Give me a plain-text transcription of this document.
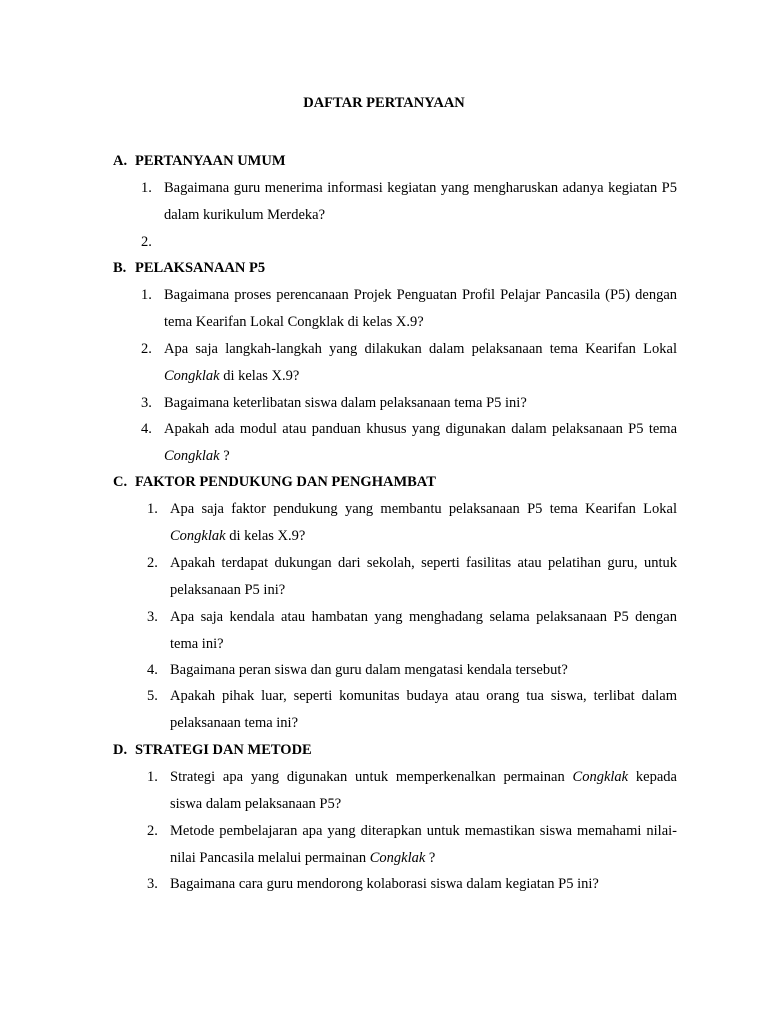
DAFTAR PERTANYAAN
A. PERTANYAAN UMUM
1. Bagaimana guru menerima informasi kegiatan yang mengharuskan adanya kegiatan P5 dalam kurikulum Merdeka?
2.
B. PELAKSANAAN P5
1. Bagaimana proses perencanaan Projek Penguatan Profil Pelajar Pancasila (P5) dengan tema Kearifan Lokal Congklak di kelas X.9?
2. Apa saja langkah-langkah yang dilakukan dalam pelaksanaan tema Kearifan Lokal Congklak di kelas X.9?
3. Bagaimana keterlibatan siswa dalam pelaksanaan tema P5 ini?
4. Apakah ada modul atau panduan khusus yang digunakan dalam pelaksanaan P5 tema Congklak ?
C. FAKTOR PENDUKUNG DAN PENGHAMBAT
1. Apa saja faktor pendukung yang membantu pelaksanaan P5 tema Kearifan Lokal Congklak di kelas X.9?
2. Apakah terdapat dukungan dari sekolah, seperti fasilitas atau pelatihan guru, untuk pelaksanaan P5 ini?
3. Apa saja kendala atau hambatan yang menghadang selama pelaksanaan P5 dengan tema ini?
4. Bagaimana peran siswa dan guru dalam mengatasi kendala tersebut?
5. Apakah pihak luar, seperti komunitas budaya atau orang tua siswa, terlibat dalam pelaksanaan tema ini?
D. STRATEGI DAN METODE
1. Strategi apa yang digunakan untuk memperkenalkan permainan Congklak kepada siswa dalam pelaksanaan P5?
2. Metode pembelajaran apa yang diterapkan untuk memastikan siswa memahami nilai-nilai Pancasila melalui permainan Congklak ?
3. Bagaimana cara guru mendorong kolaborasi siswa dalam kegiatan P5 ini?
